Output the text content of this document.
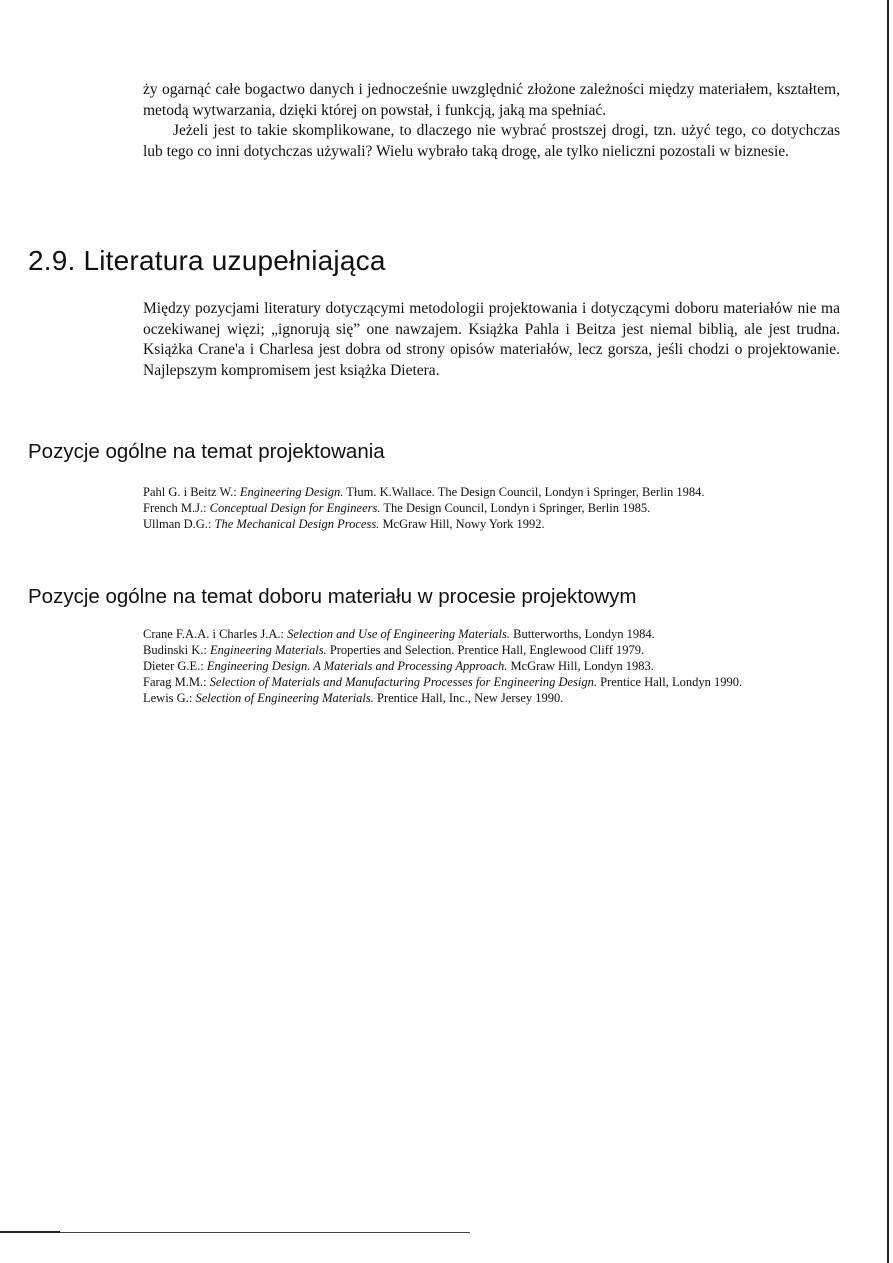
ży ogarnąć całe bogactwo danych i jednocześnie uwzględnić złożone zależności między materiałem, kształtem, metodą wytwarzania, dzięki której on powstał, i funkcją, jaką ma spełniać.

Jeżeli jest to takie skomplikowane, to dlaczego nie wybrać prostszej drogi, tzn. użyć tego, co dotychczas lub tego co inni dotychczas używali? Wielu wybrało taką drogę, ale tylko nieliczni pozostali w biznesie.

2.9. Literatura uzupełniająca

Między pozycjami literatury dotyczącymi metodologii projektowania i dotyczącymi doboru materiałów nie ma oczekiwanej więzi; „ignorują się” one nawzajem. Książka Pahla i Beitza jest niemal biblią, ale jest trudna. Książka Crane'a i Charlesa jest dobra od strony opisów materiałów, lecz gorsza, jeśli chodzi o projektowanie. Najlepszym kompromisem jest książka Dietera.

Pozycje ogólne na temat projektowania
Pahl G. i Beitz W.: Engineering Design. Tłum. K.Wallace. The Design Council, Londyn i Springer, Berlin 1984.
French M.J.: Conceptual Design for Engineers. The Design Council, Londyn i Springer, Berlin 1985.
Ullman D.G.: The Mechanical Design Process. McGraw Hill, Nowy York 1992.
Pozycje ogólne na temat doboru materiału w procesie projektowym
Crane F.A.A. i Charles J.A.: Selection and Use of Engineering Materials. Butterworths, Londyn 1984.
Budinski K.: Engineering Materials. Properties and Selection. Prentice Hall, Englewood Cliff 1979.
Dieter G.E.: Engineering Design. A Materials and Processing Approach. McGraw Hill, Londyn 1983.
Farag M.M.: Selection of Materials and Manufacturing Processes for Engineering Design. Prentice Hall, Londyn 1990.
Lewis G.: Selection of Engineering Materials. Prentice Hall, Inc., New Jersey 1990.
